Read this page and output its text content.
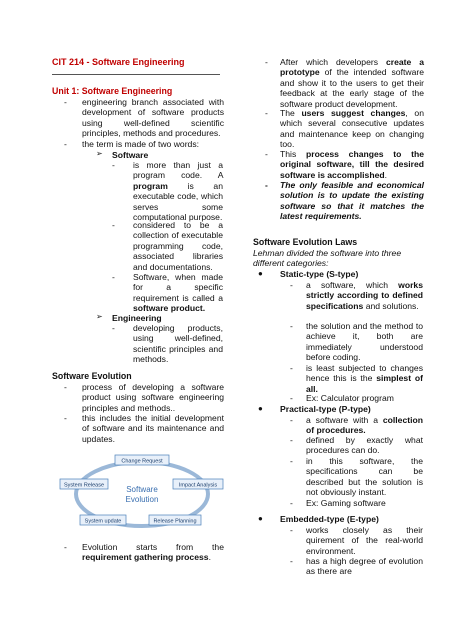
CIT 214 - Software Engineering
Unit 1: Software Engineering
-	engineering branch associated with development of software products using well-defined scientific principles, methods and procedures.
-	the term is made of two words:
➢ Software
-	is more than just a program code. A program is an executable code, which serves some computational purpose.
-	considered to be a collection of executable programming code, associated libraries and documentations.
-	Software, when made for a specific requirement is called a software product.
➢ Engineering
-	developing products, using well-defined, scientific principles and methods.
Software Evolution
-	process of developing a software product using software engineering principles and methods..
-	this includes the initial development of software and its maintenance and updates.
Software
Evolution
Change Request
Impact Analysis
Release Planning
System update
System Release
-	Evolution starts from the requirement gathering process.
-	After which developers create a prototype of the intended software and show it to the users to get their feedback at the early stage of the software product development.
-	The users suggest changes, on which several consecutive updates and maintenance keep on changing too.
-	This process changes to the original software, till the desired software is accomplished.
-	The only feasible and economical solution is to update the existing software so that it matches the latest requirements.
Software Evolution Laws
Lehman divided the software into three different categories:
● Static-type (S-type)
-	a software, which works strictly according to defined specifications and solutions.
-	the solution and the method to achieve it, both are immediately understood before coding.
-	is least subjected to changes hence this is the simplest of all.
-	Ex: Calculator program
● Practical-type (P-type)
-	a software with a collection of procedures.
-	defined by exactly what procedures can do.
-	in this software, the specifications can be described but the solution is not obviously instant.
-	Ex: Gaming software
● Embedded-type (E-type)
-	works closely as their quirement of the real-world environment.
-	has a high degree of evolution as there are
